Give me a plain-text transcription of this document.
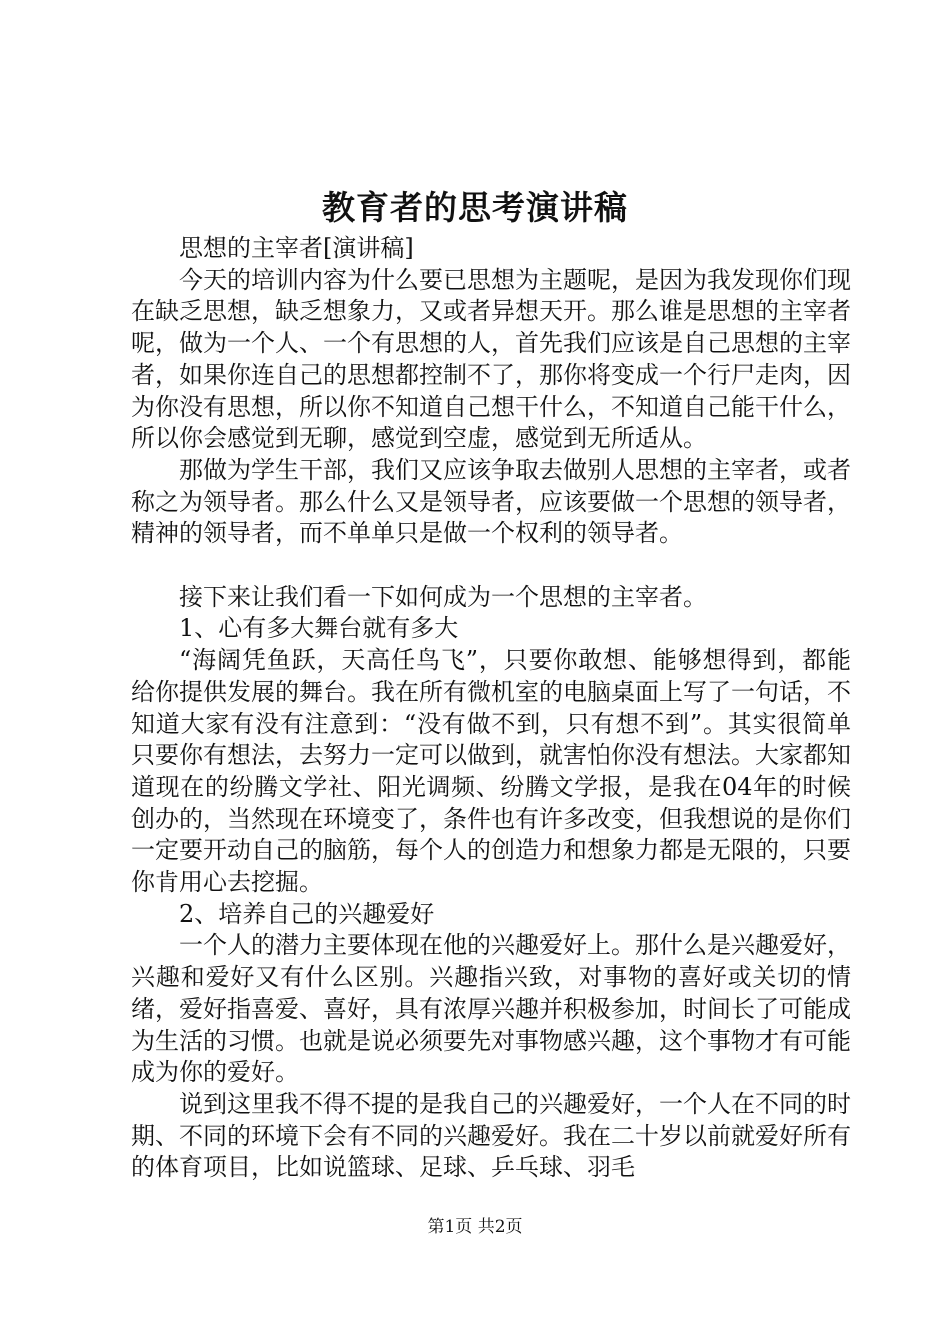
教育者的思考演讲稿

思想的主宰者[演讲稿]

今天的培训内容为什么要已思想为主题呢，是因为我发现你们现在缺乏思想，缺乏想象力，又或者异想天开。那么谁是思想的主宰者呢，做为一个人、一个有思想的人，首先我们应该是自己思想的主宰者，如果你连自己的思想都控制不了，那你将变成一个行尸走肉，因为你没有思想，所以你不知道自己想干什么，不知道自己能干什么，所以你会感觉到无聊，感觉到空虚，感觉到无所适从。

那做为学生干部，我们又应该争取去做别人思想的主宰者，或者称之为领导者。那么什么又是领导者，应该要做一个思想的领导者，精神的领导者，而不单单只是做一个权利的领导者。

接下来让我们看一下如何成为一个思想的主宰者。

1、心有多大舞台就有多大

“海阔凭鱼跃，天高任鸟飞”，只要你敢想、能够想得到，都能给你提供发展的舞台。我在所有微机室的电脑桌面上写了一句话，不知道大家有没有注意到：“没有做不到，只有想不到”。其实很简单只要你有想法，去努力一定可以做到，就害怕你没有想法。大家都知道现在的纷腾文学社、阳光调频、纷腾文学报，是我在04年的时候创办的，当然现在环境变了，条件也有许多改变，但我想说的是你们一定要开动自己的脑筋，每个人的创造力和想象力都是无限的，只要你肯用心去挖掘。

2、培养自己的兴趣爱好

一个人的潜力主要体现在他的兴趣爱好上。那什么是兴趣爱好，兴趣和爱好又有什么区别。兴趣指兴致，对事物的喜好或关切的情绪，爱好指喜爱、喜好，具有浓厚兴趣并积极参加，时间长了可能成为生活的习惯。也就是说必须要先对事物感兴趣，这个事物才有可能成为你的爱好。

说到这里我不得不提的是我自己的兴趣爱好，一个人在不同的时期、不同的环境下会有不同的兴趣爱好。我在二十岁以前就爱好所有的体育项目，比如说篮球、足球、乒乓球、羽毛

第1页 共2页
